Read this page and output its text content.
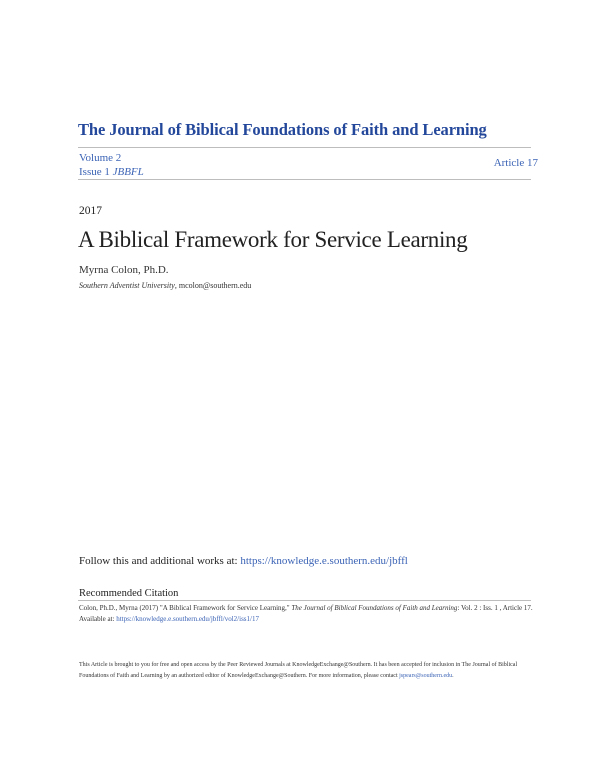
The Journal of Biblical Foundations of Faith and Learning
Volume 2
Issue 1 JBBFL
Article 17
2017
A Biblical Framework for Service Learning
Myrna Colon, Ph.D.
Southern Adventist University, mcolon@southern.edu
Follow this and additional works at: https://knowledge.e.southern.edu/jbffl
Recommended Citation
Colon, Ph.D., Myrna (2017) "A Biblical Framework for Service Learning," The Journal of Biblical Foundations of Faith and Learning: Vol. 2 : Iss. 1 , Article 17.
Available at: https://knowledge.e.southern.edu/jbffl/vol2/iss1/17
This Article is brought to you for free and open access by the Peer Reviewed Journals at KnowledgeExchange@Southern. It has been accepted for inclusion in The Journal of Biblical Foundations of Faith and Learning by an authorized editor of KnowledgeExchange@Southern. For more information, please contact jspears@southern.edu.
